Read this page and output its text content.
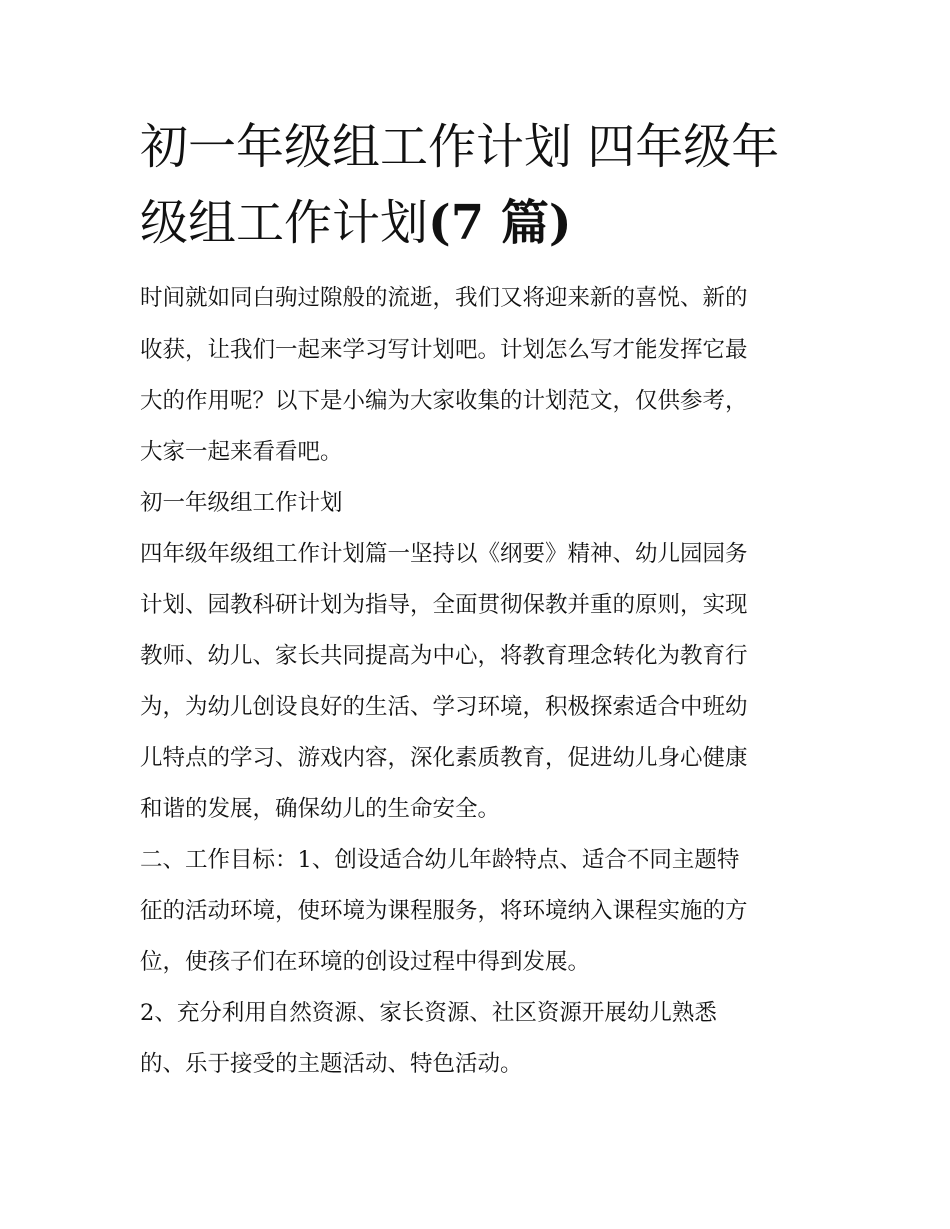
初一年级组工作计划 四年级年
级组工作计划(7 篇)
时间就如同白驹过隙般的流逝，我们又将迎来新的喜悦、新的
收获，让我们一起来学习写计划吧。计划怎么写才能发挥它最
大的作用呢？以下是小编为大家收集的计划范文，仅供参考，
大家一起来看看吧。
初一年级组工作计划
四年级年级组工作计划篇一坚持以《纲要》精神、幼儿园园务
计划、园教科研计划为指导，全面贯彻保教并重的原则，实现
教师、幼儿、家长共同提高为中心，将教育理念转化为教育行
为，为幼儿创设良好的生活、学习环境，积极探索适合中班幼
儿特点的学习、游戏内容，深化素质教育，促进幼儿身心健康
和谐的发展，确保幼儿的生命安全。
二、工作目标：1、创设适合幼儿年龄特点、适合不同主题特
征的活动环境，使环境为课程服务，将环境纳入课程实施的方
位，使孩子们在环境的创设过程中得到发展。
2、充分利用自然资源、家长资源、社区资源开展幼儿熟悉
的、乐于接受的主题活动、特色活动。
